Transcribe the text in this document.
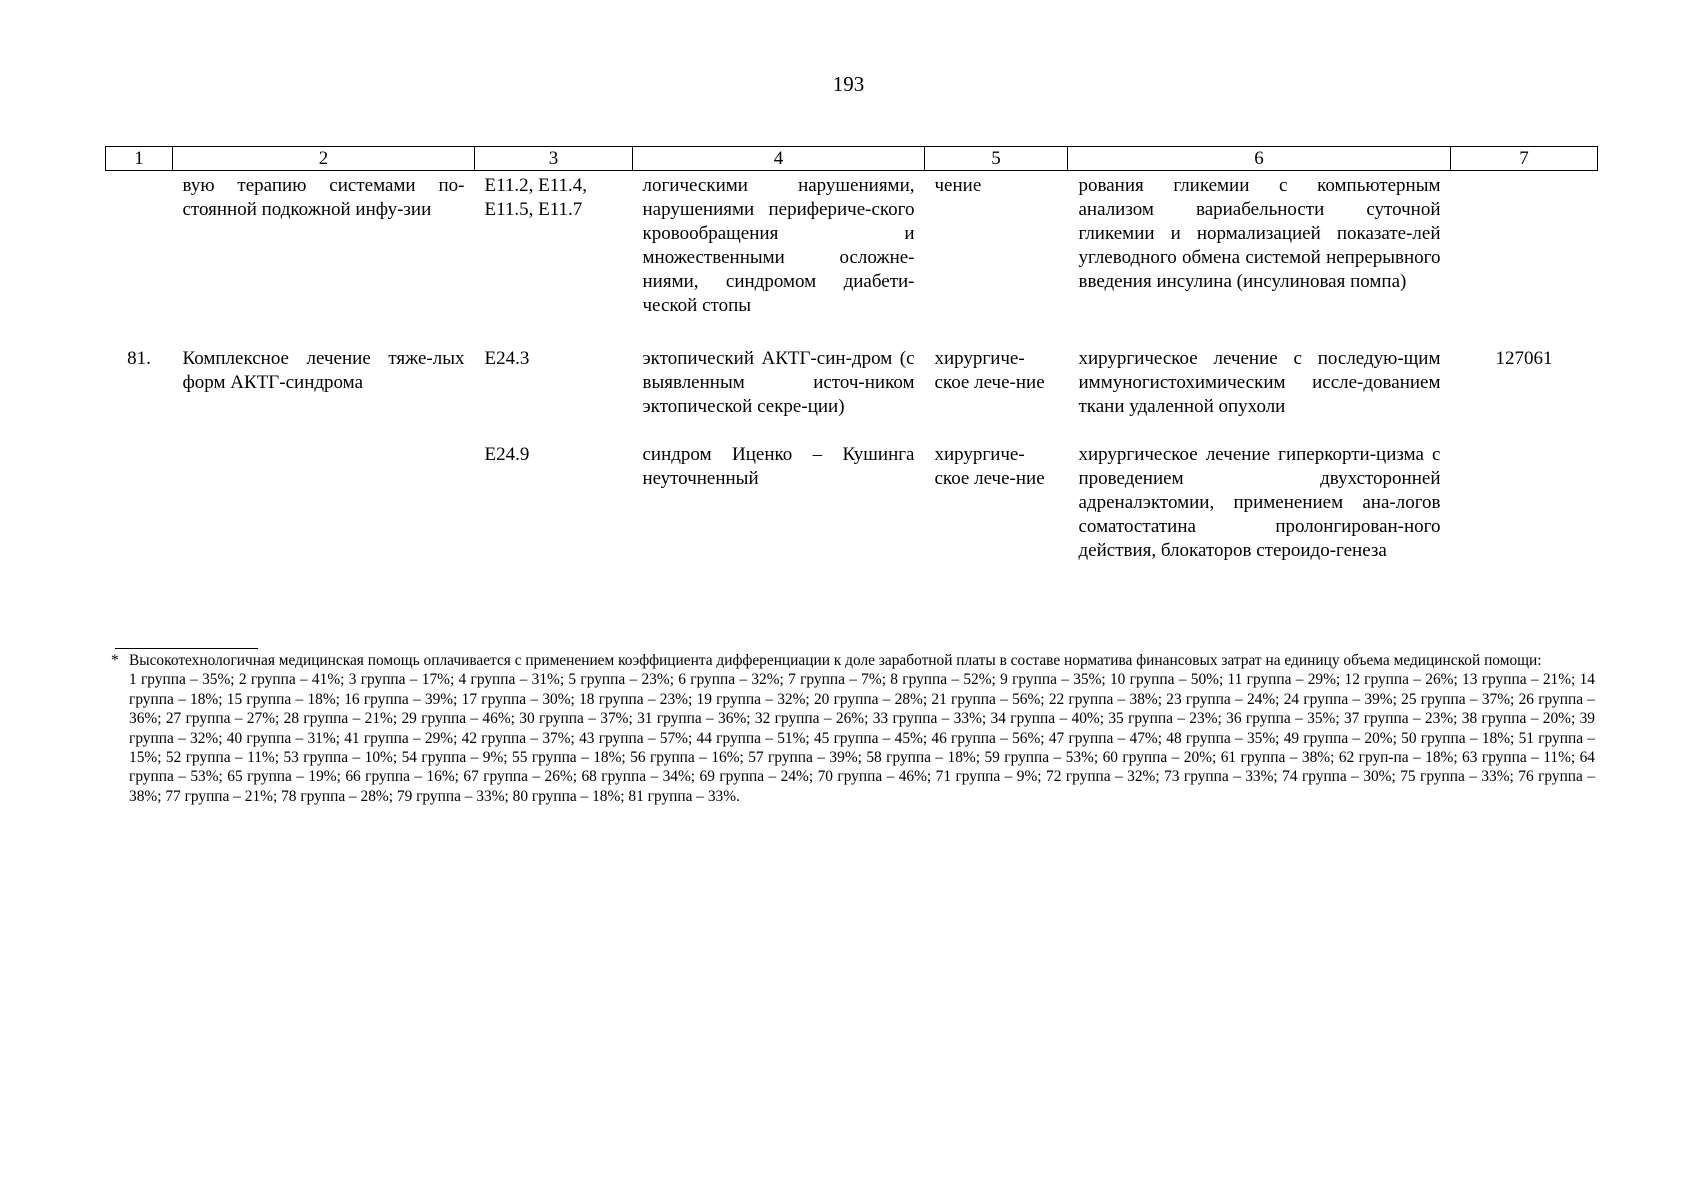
193
1	2	3	4	5	6	7
	вую терапию системами по-стоянной подкожной инфу-зии	E11.2, E11.4, E11.5, E11.7	логическими нарушениями, нарушениями перифериче-ского кровообращения и множественными осложне-ниями, синдромом диабети-ческой стопы	чение	рования гликемии с компьютерным анализом вариабельности суточной гликемии и нормализацией показате-лей углеводного обмена системой непрерывного введения инсулина (инсулиновая помпа)	
81.	Комплексное лечение тяже-лых форм АКТГ-синдрома	E24.3	эктопический АКТГ-син-дром (с выявленным источ-ником эктопической секре-ции)	хирургиче-ское лече-ние	хирургическое лечение с последую-щим иммуногистохимическим иссле-дованием ткани удаленной опухоли	127061
		E24.9	синдром Иценко – Кушинга неуточненный	хирургиче-ское лече-ние	хирургическое лечение гиперкорти-цизма с проведением двухсторонней адреналэктомии, применением ана-логов соматостатина пролонгирован-ного действия, блокаторов стероидо-генеза	

* Высокотехнологичная медицинская помощь оплачивается с применением коэффициента дифференциации к доле заработной платы в составе норматива финансовых затрат на единицу объема медицинской помощи:

1 группа – 35%; 2 группа – 41%; 3 группа – 17%; 4 группа – 31%; 5 группа – 23%; 6 группа – 32%; 7 группа – 7%; 8 группа – 52%; 9 группа – 35%; 10 группа – 50%; 11 группа – 29%; 12 группа – 26%; 13 группа – 21%; 14 группа – 18%; 15 группа – 18%; 16 группа – 39%; 17 группа – 30%; 18 группа – 23%; 19 группа – 32%; 20 группа – 28%; 21 группа – 56%; 22 группа – 38%; 23 группа – 24%; 24 группа – 39%; 25 группа – 37%; 26 группа – 36%; 27 группа – 27%; 28 группа – 21%; 29 группа – 46%; 30 группа – 37%; 31 группа – 36%; 32 группа – 26%; 33 группа – 33%; 34 группа – 40%; 35 группа – 23%; 36 группа – 35%; 37 группа – 23%; 38 группа – 20%; 39 группа – 32%; 40 группа – 31%; 41 группа – 29%; 42 группа – 37%; 43 группа – 57%; 44 группа – 51%; 45 группа – 45%; 46 группа – 56%; 47 группа – 47%; 48 группа – 35%; 49 группа – 20%; 50 группа – 18%; 51 группа – 15%; 52 группа – 11%; 53 группа – 10%; 54 группа – 9%; 55 группа – 18%; 56 группа – 16%; 57 группа – 39%; 58 группа – 18%; 59 группа – 53%; 60 группа – 20%; 61 группа – 38%; 62 груп-па – 18%; 63 группа – 11%; 64 группа – 53%; 65 группа – 19%; 66 группа – 16%; 67 группа – 26%; 68 группа – 34%; 69 группа – 24%; 70 группа – 46%; 71 группа – 9%; 72 группа – 32%; 73 группа – 33%; 74 группа – 30%; 75 группа – 33%; 76 группа – 38%; 77 группа – 21%; 78 группа – 28%; 79 группа – 33%; 80 группа – 18%; 81 группа – 33%.
